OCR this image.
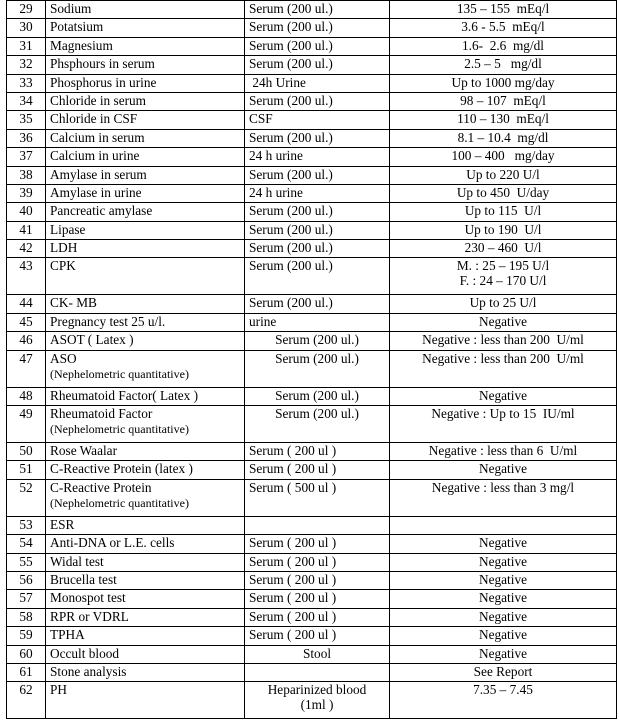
29	Sodium	Serum (200 ul.)	135 – 155  mEq/l

30	Potatsium	Serum (200 ul.)	3.6 - 5.5  mEq/l

31	Magnesium	Serum (200 ul.)	1.6-  2.6  mg/dl

32	Phsphours in serum	Serum (200 ul.)	2.5 – 5   mg/dl

33	Phosphorus in urine	24h Urine	Up to 1000 mg/day

34	Chloride in serum	Serum (200 ul.)	98 – 107  mEq/l

35	Chloride in CSF	CSF	110 – 130  mEq/l

36	Calcium in serum	Serum (200 ul.)	8.1 – 10.4  mg/dl

37	Calcium in urine	24 h urine	100 – 400   mg/day

38	Amylase in serum	Serum (200 ul.)	Up to 220 U/l

39	Amylase in urine	24 h urine	Up to 450  U/day

40	Pancreatic amylase	Serum (200 ul.)	Up to 115  U/l

41	Lipase	Serum (200 ul.)	Up to 190  U/l

42	LDH	Serum (200 ul.)	230 – 460  U/l

43	CPK	Serum (200 ul.)	M. : 25 – 195 U/l
F. : 24 – 170 U/l

44	CK- MB	Serum (200 ul.)	Up to 25 U/l

45	Pregnancy test 25 u/l.	urine	Negative

46	ASOT ( Latex )	Serum (200 ul.)	Negative : less than 200  U/ml

47	ASO
(Nephelometric quantitative)	Serum (200 ul.)	Negative : less than 200  U/ml

48	Rheumatoid Factor( Latex )	Serum (200 ul.)	Negative

49	Rheumatoid Factor
(Nephelometric quantitative)	Serum (200 ul.)	Negative : Up to 15  IU/ml

50	Rose Waalar	Serum ( 200 ul )	Negative : less than 6  U/ml

51	C-Reactive Protein (latex )	Serum ( 200 ul )	Negative

52	C-Reactive Protein
(Nephelometric quantitative)	Serum ( 500 ul )	Negative : less than 3 mg/l

53	ESR		

54	Anti-DNA or L.E. cells	Serum ( 200 ul )	Negative

55	Widal test	Serum ( 200 ul )	Negative

56	Brucella test	Serum ( 200 ul )	Negative

57	Monospot test	Serum ( 200 ul )	Negative

58	RPR or VDRL	Serum ( 200 ul )	Negative

59	TPHA	Serum ( 200 ul )	Negative

60	Occult blood	Stool	Negative

61	Stone analysis		See Report

62	PH	Heparinized blood
(1ml )	7.35 – 7.45
